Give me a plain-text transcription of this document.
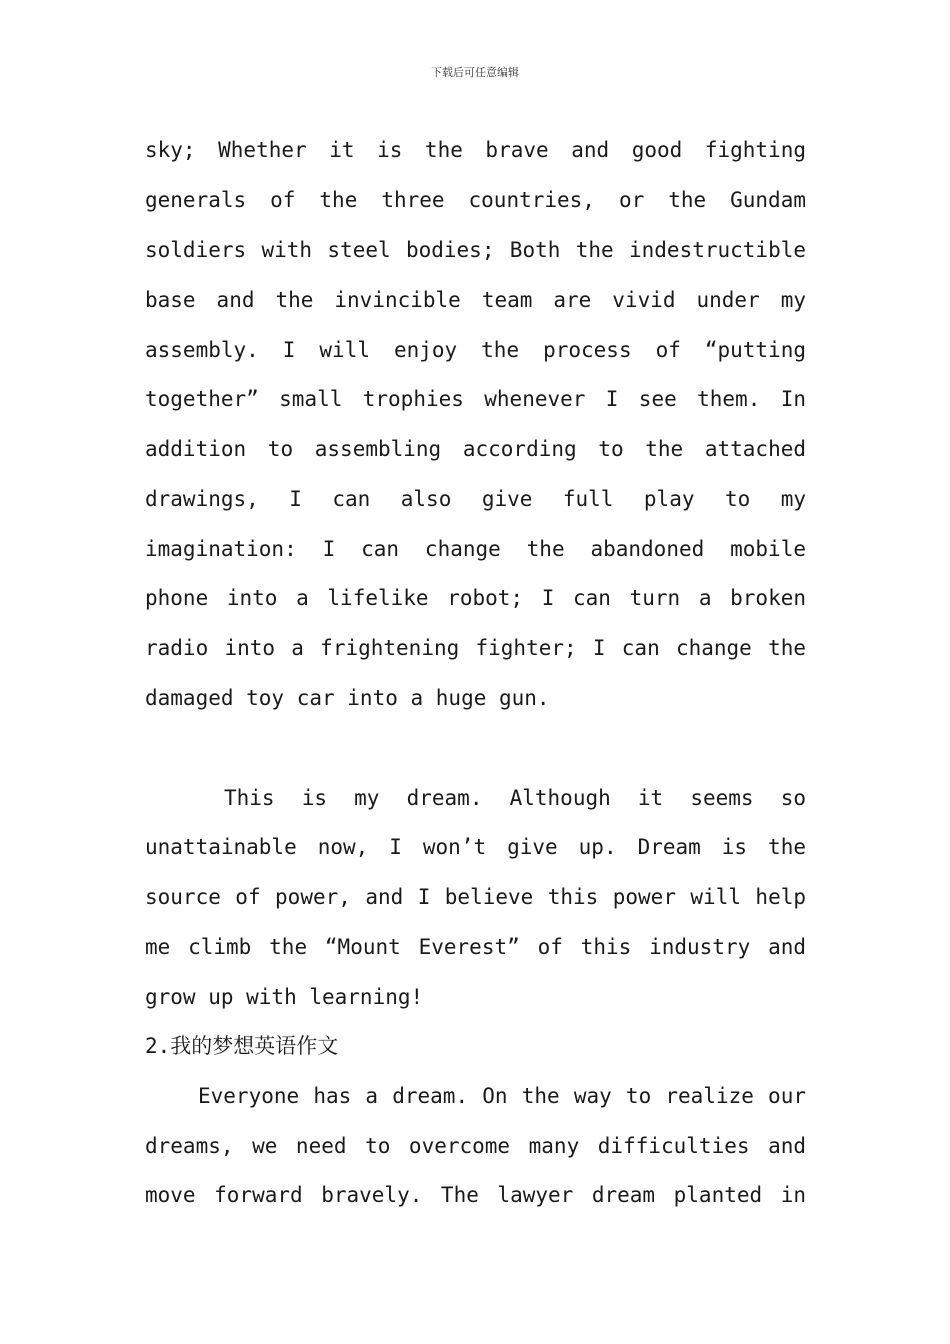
下载后可任意编辑
sky; Whether it is the brave and good fighting
generals of the three countries, or the Gundam
soldiers with steel bodies; Both the indestructible
base and the invincible team are vivid under my
assembly. I will enjoy the process of “putting
together” small trophies whenever I see them. In
addition to assembling according to the attached
drawings, I can also give full play to my
imagination: I can change the abandoned mobile
phone into a lifelike robot; I can turn a broken
radio into a frightening fighter; I can change the
damaged toy car into a huge gun.
This is my dream. Although it seems so
unattainable now, I won’t give up. Dream is the
source of power, and I believe this power will help
me climb the “Mount Everest” of this industry and
grow up with learning!
2.我的梦想英语作文
Everyone has a dream. On the way to realize our
dreams, we need to overcome many difficulties and
move forward bravely. The lawyer dream planted in
